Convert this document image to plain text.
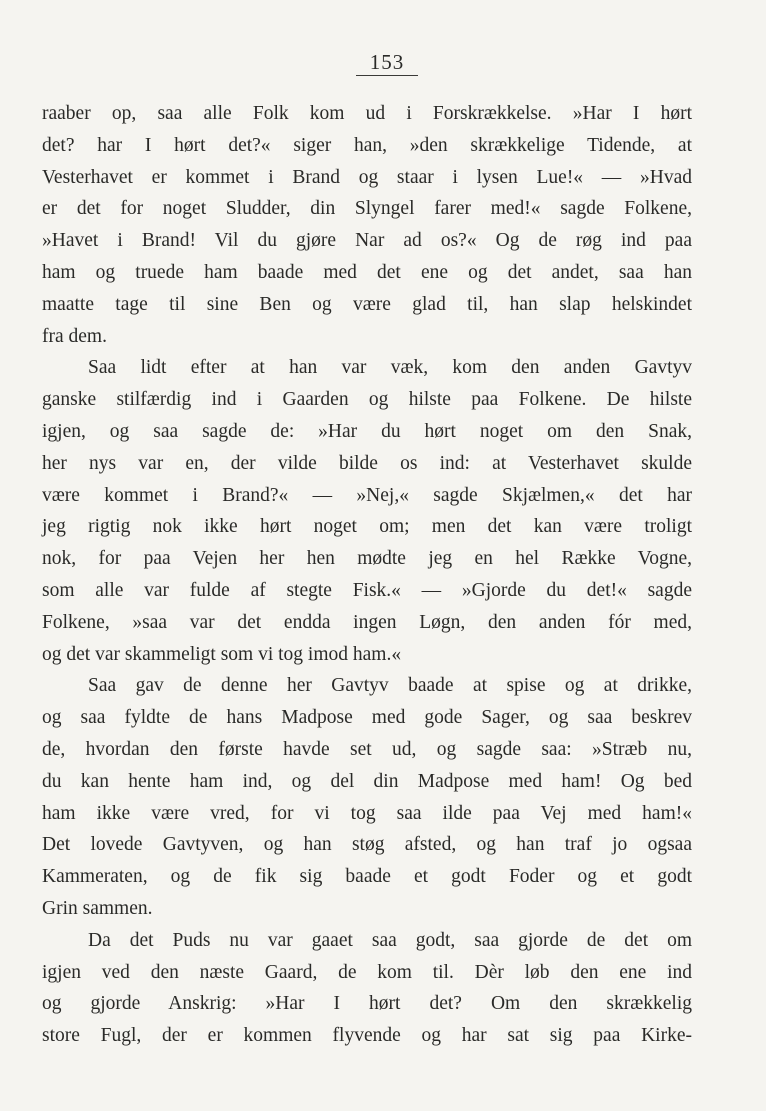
153
raaber op, saa alle Folk kom ud i Forskrækkelse. »Har I hørt
det? har I hørt det?« siger han, »den skrækkelige Tidende, at
Vesterhavet er kommet i Brand og staar i lysen Lue!« — »Hvad
er det for noget Sludder, din Slyngel farer med!« sagde Folkene,
»Havet i Brand! Vil du gjøre Nar ad os?« Og de røg ind paa
ham og truede ham baade med det ene og det andet, saa han
maatte tage til sine Ben og være glad til, han slap helskindet
fra dem.
Saa lidt efter at han var væk, kom den anden Gavtyv
ganske stilfærdig ind i Gaarden og hilste paa Folkene. De hilste
igjen, og saa sagde de: »Har du hørt noget om den Snak,
her nys var en, der vilde bilde os ind: at Vesterhavet skulde
være kommet i Brand?« — »Nej,« sagde Skjælmen,« det har
jeg rigtig nok ikke hørt noget om; men det kan være troligt
nok, for paa Vejen her hen mødte jeg en hel Række Vogne,
som alle var fulde af stegte Fisk.« — »Gjorde du det!« sagde
Folkene, »saa var det endda ingen Løgn, den anden fór med,
og det var skammeligt som vi tog imod ham.«
Saa gav de denne her Gavtyv baade at spise og at drikke,
og saa fyldte de hans Madpose med gode Sager, og saa beskrev
de, hvordan den første havde set ud, og sagde saa: »Stræb nu,
du kan hente ham ind, og del din Madpose med ham! Og bed
ham ikke være vred, for vi tog saa ilde paa Vej med ham!«
Det lovede Gavtyven, og han støg afsted, og han traf jo ogsaa
Kammeraten, og de fik sig baade et godt Foder og et godt
Grin sammen.
Da det Puds nu var gaaet saa godt, saa gjorde de det om
igjen ved den næste Gaard, de kom til. Dèr løb den ene ind
og gjorde Anskrig: »Har I hørt det? Om den skrækkelig
store Fugl, der er kommen flyvende og har sat sig paa Kirke-
